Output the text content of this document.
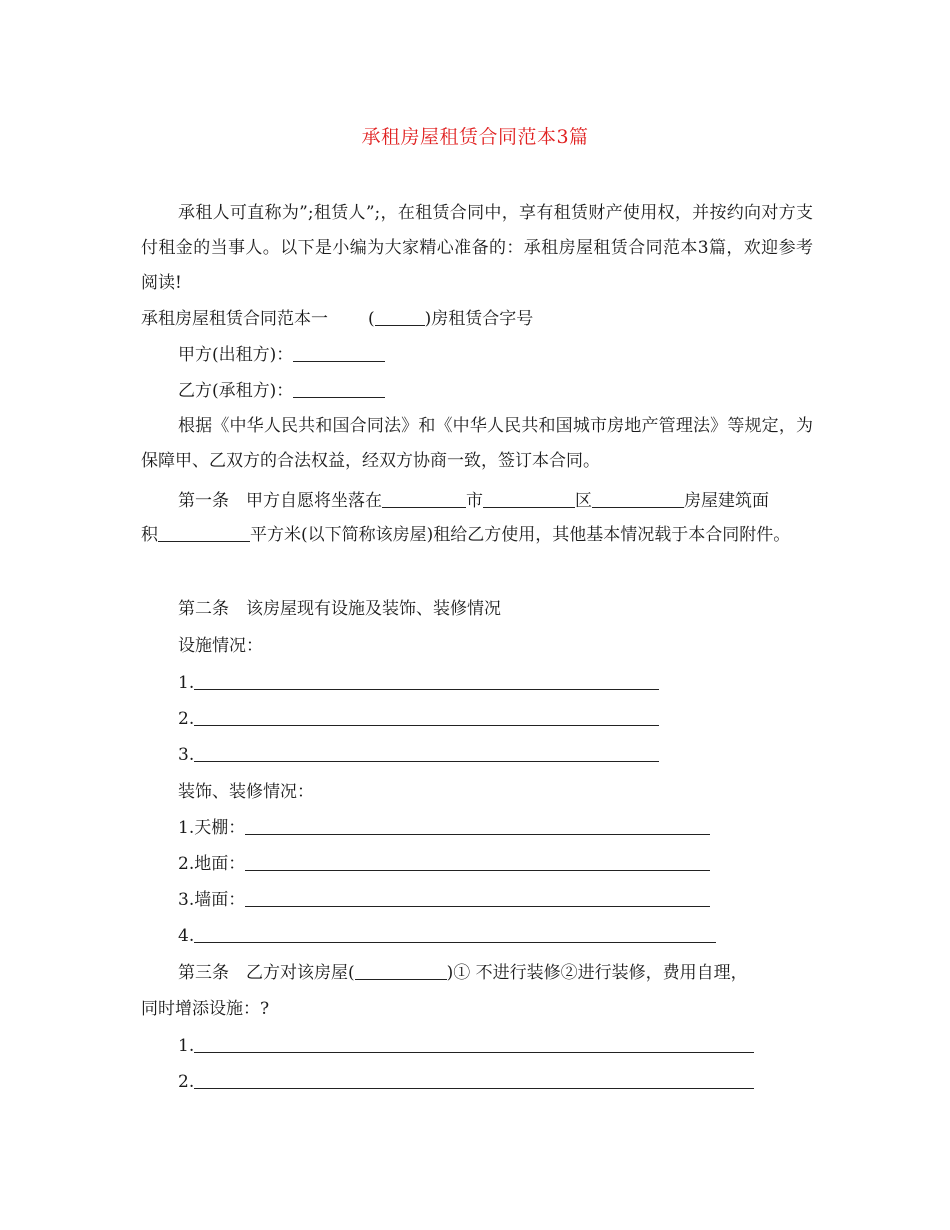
承租房屋租赁合同范本3篇

承租人可直称为”;租赁人”;，在租赁合同中，享有租赁财产使用权，并按约向对方支付租金的当事人。以下是小编为大家精心准备的：承租房屋租赁合同范本3篇，欢迎参考阅读!

承租房屋租赁合同范本一 (	)房租赁合字号
甲方(出租方)：
乙方(承租方)：

根据《中华人民共和国合同法》和《中华人民共和国城市房地产管理法》等规定，为保障甲、乙双方的合法权益，经双方协商一致，签订本合同。

第一条　甲方自愿将坐落在	市	区	房屋建筑面
积	平方米(以下简称该房屋)租给乙方使用，其他基本情况载于本合同附件。
第二条　该房屋现有设施及装饰、装修情况
设施情况：
1.
2.
3.
装饰、装修情况：
1.天棚：
2.地面：
3.墙面：
4.
第三条　乙方对该房屋(	)① 不进行装修②进行装修，费用自理，
同时增添设施：?
1.
2.
